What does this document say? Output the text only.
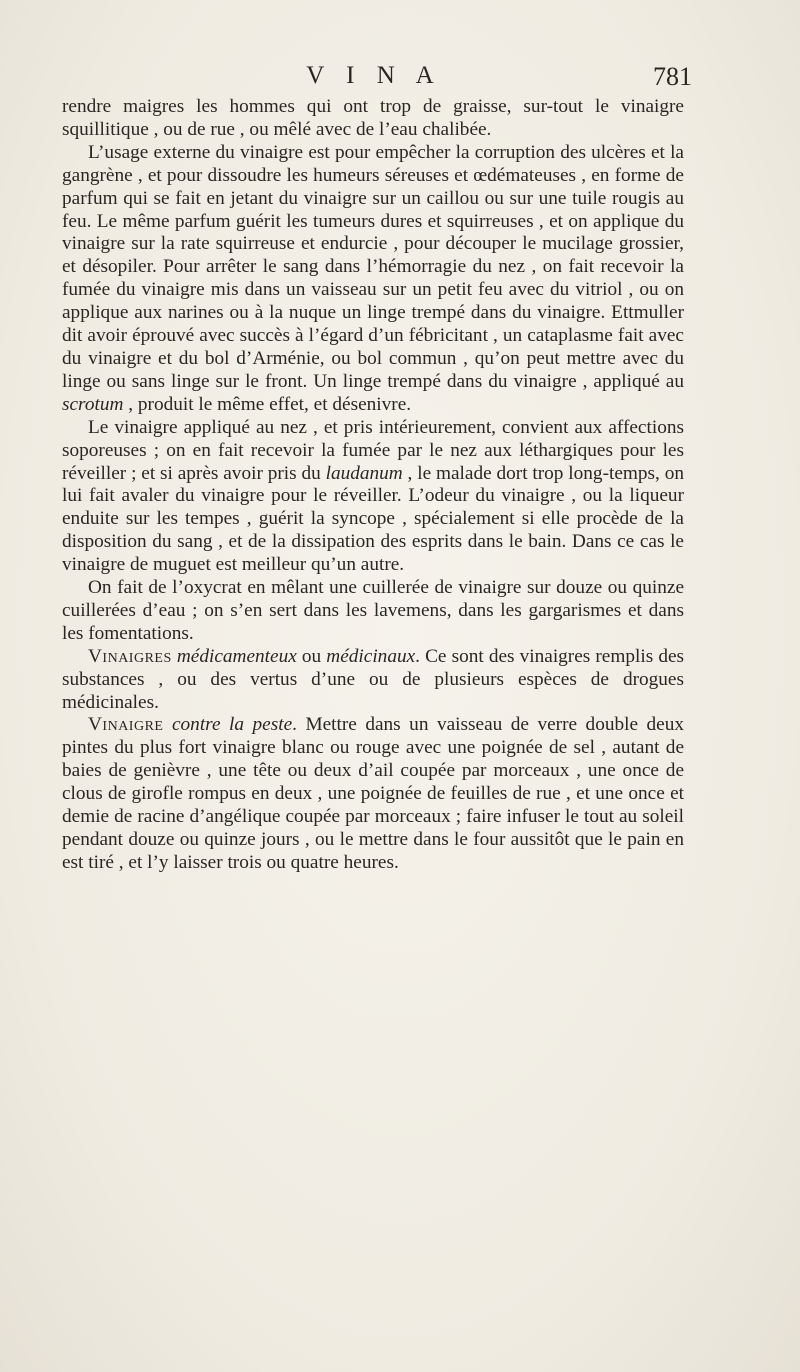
V I N A	781

rendre maigres les hommes qui ont trop de graisse, sur-tout le vinaigre squillitique , ou de rue , ou mêlé avec de l’eau chalibée.

L’usage externe du vinaigre est pour empêcher la corruption des ulcères et la gangrène , et pour dissoudre les humeurs séreuses et œdémateuses , en forme de parfum qui se fait en jetant du vinaigre sur un caillou ou sur une tuile rougis au feu. Le même parfum guérit les tumeurs dures et squirreuses , et on applique du vinaigre sur la rate squirreuse et endurcie , pour découper le mucilage grossier, et désopiler. Pour arrêter le sang dans l’hémorragie du nez , on fait recevoir la fumée du vinaigre mis dans un vaisseau sur un petit feu avec du vitriol , ou on applique aux narines ou à la nuque un linge trempé dans du vinaigre. Ettmuller dit avoir éprouvé avec succès à l’égard d’un fébricitant , un cataplasme fait avec du vinaigre et du bol d’Arménie, ou bol commun , qu’on peut mettre avec du linge ou sans linge sur le front. Un linge trempé dans du vinaigre , appliqué au scrotum , produit le même effet, et désenivre.

Le vinaigre appliqué au nez , et pris intérieurement, convient aux affections soporeuses ; on en fait recevoir la fumée par le nez aux léthargiques pour les réveiller ; et si après avoir pris du laudanum , le malade dort trop long-temps, on lui fait avaler du vinaigre pour le réveiller. L’odeur du vinaigre , ou la liqueur enduite sur les tempes , guérit la syncope , spécialement si elle procède de la disposition du sang , et de la dissipation des esprits dans le bain. Dans ce cas le vinaigre de muguet est meilleur qu’un autre.

On fait de l’oxycrat en mêlant une cuillerée de vinaigre sur douze ou quinze cuillerées d’eau ; on s’en sert dans les lavemens, dans les gargarismes et dans les fomentations.

Vinaigres médicamenteux ou médicinaux. Ce sont des vinaigres remplis des substances , ou des vertus d’une ou de plusieurs espèces de drogues médicinales.

Vinaigre contre la peste. Mettre dans un vaisseau de verre double deux pintes du plus fort vinaigre blanc ou rouge avec une poignée de sel , autant de baies de genièvre , une tête ou deux d’ail coupée par morceaux , une once de clous de girofle rompus en deux , une poignée de feuilles de rue , et une once et demie de racine d’angélique coupée par morceaux ; faire infuser le tout au soleil pendant douze ou quinze jours , ou le mettre dans le four aussitôt que le pain en est tiré , et l’y laisser trois ou quatre heures.
